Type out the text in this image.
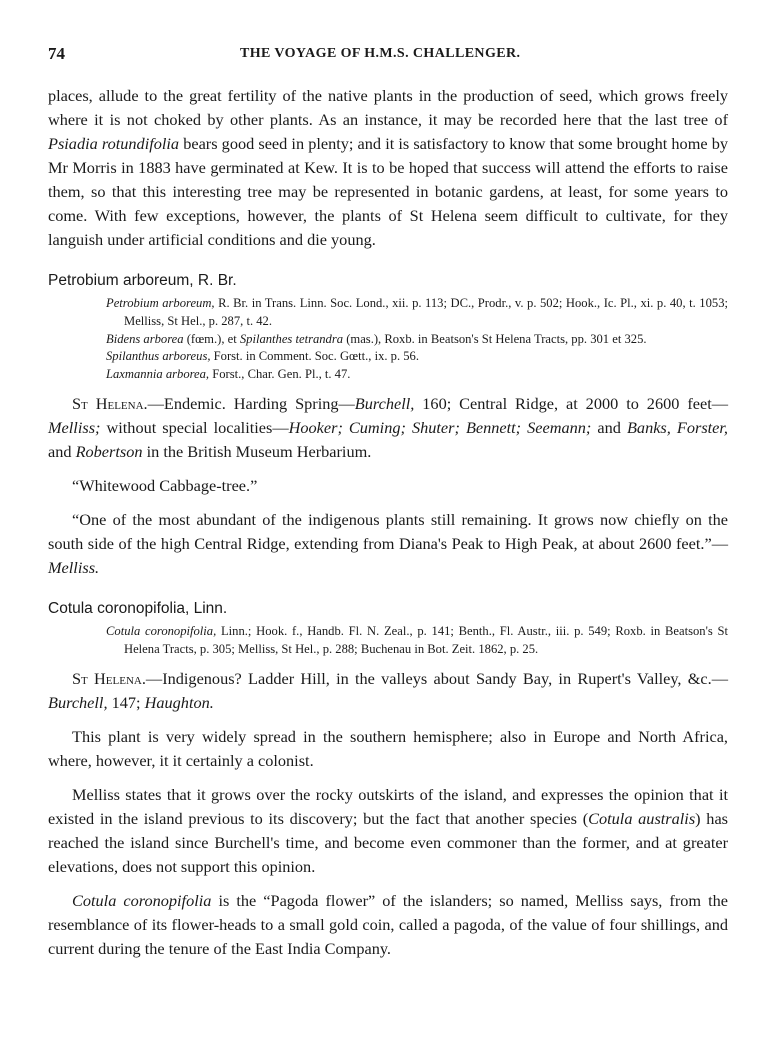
74	THE VOYAGE OF H.M.S. CHALLENGER.

places, allude to the great fertility of the native plants in the production of seed, which grows freely where it is not choked by other plants. As an instance, it may be recorded here that the last tree of Psiadia rotundifolia bears good seed in plenty; and it is satisfactory to know that some brought home by Mr Morris in 1883 have germinated at Kew. It is to be hoped that success will attend the efforts to raise them, so that this interesting tree may be represented in botanic gardens, at least, for some years to come. With few exceptions, however, the plants of St Helena seem difficult to cultivate, for they languish under artificial conditions and die young.

Petrobium arboreum, R. Br.

Petrobium arboreum, R. Br. in Trans. Linn. Soc. Lond., xii. p. 113; DC., Prodr., v. p. 502; Hook., Ic. Pl., xi. p. 40, t. 1053; Melliss, St Hel., p. 287, t. 42.

Bidens arborea (fœm.), et Spilanthes tetrandra (mas.), Roxb. in Beatson's St Helena Tracts, pp. 301 et 325.

Spilanthus arboreus, Forst. in Comment. Soc. Gœtt., ix. p. 56.

Laxmannia arborea, Forst., Char. Gen. Pl., t. 47.

St Helena.—Endemic. Harding Spring—Burchell, 160; Central Ridge, at 2000 to 2600 feet—Melliss; without special localities—Hooker; Cuming; Shuter; Bennett; Seemann; and Banks, Forster, and Robertson in the British Museum Herbarium.

“Whitewood Cabbage-tree.”

“One of the most abundant of the indigenous plants still remaining. It grows now chiefly on the south side of the high Central Ridge, extending from Diana's Peak to High Peak, at about 2600 feet.”—Melliss.

Cotula coronopifolia, Linn.

Cotula coronopifolia, Linn.; Hook. f., Handb. Fl. N. Zeal., p. 141; Benth., Fl. Austr., iii. p. 549; Roxb. in Beatson's St Helena Tracts, p. 305; Melliss, St Hel., p. 288; Buchenau in Bot. Zeit. 1862, p. 25.

St Helena.—Indigenous? Ladder Hill, in the valleys about Sandy Bay, in Rupert's Valley, &c.—Burchell, 147; Haughton.

This plant is very widely spread in the southern hemisphere; also in Europe and North Africa, where, however, it it certainly a colonist.

Melliss states that it grows over the rocky outskirts of the island, and expresses the opinion that it existed in the island previous to its discovery; but the fact that another species (Cotula australis) has reached the island since Burchell's time, and become even commoner than the former, and at greater elevations, does not support this opinion.

Cotula coronopifolia is the “Pagoda flower” of the islanders; so named, Melliss says, from the resemblance of its flower-heads to a small gold coin, called a pagoda, of the value of four shillings, and current during the tenure of the East India Company.
